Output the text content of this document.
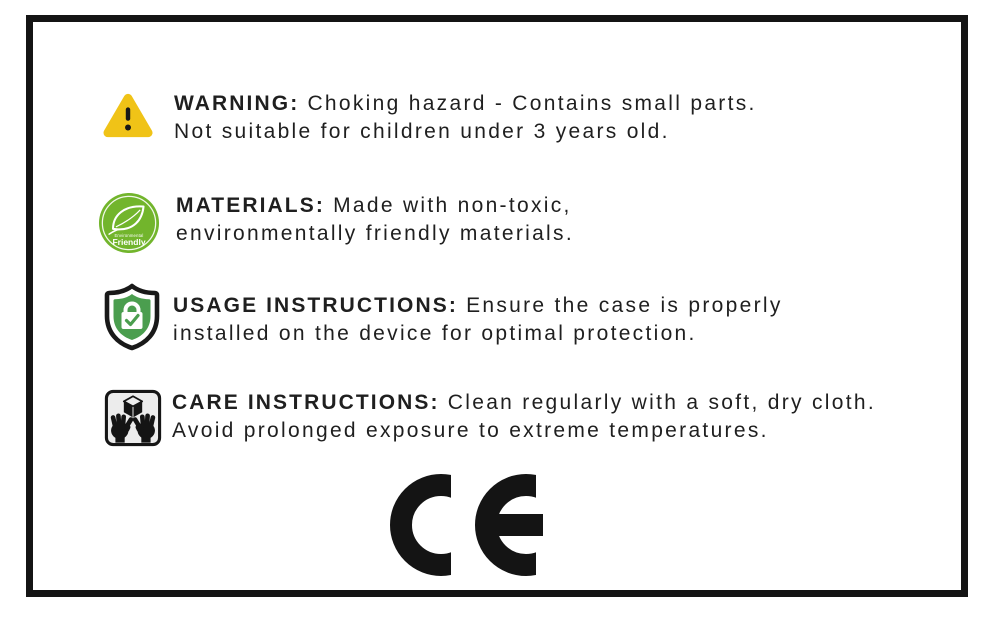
WARNING: Choking hazard - Contains small parts.
Not suitable for children under 3 years old.

Environmental
Friendly

MATERIALS: Made with non-toxic,
environmentally friendly materials.

USAGE INSTRUCTIONS: Ensure the case is properly
installed on the device for optimal protection.

CARE INSTRUCTIONS: Clean regularly with a soft, dry cloth.
Avoid prolonged exposure to extreme temperatures.
